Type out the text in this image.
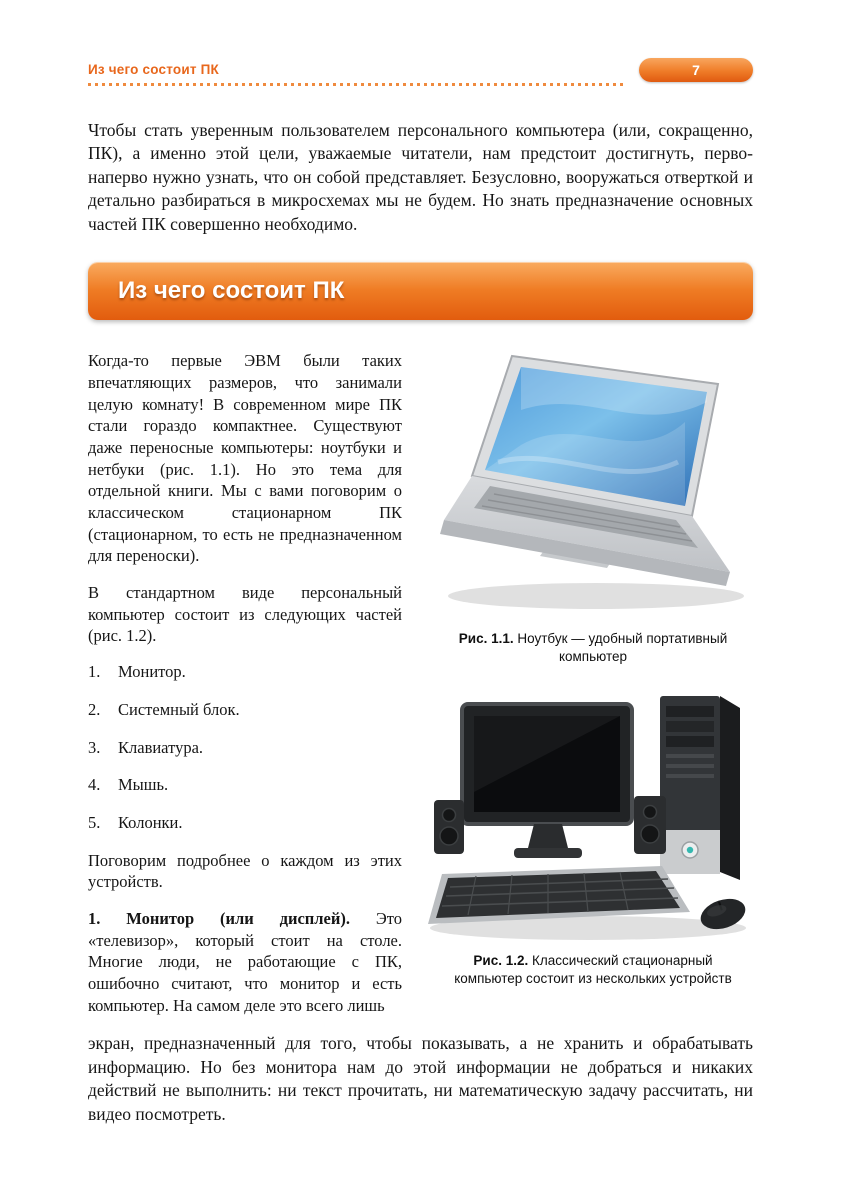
Из чего состоит ПК	7

Чтобы стать уверенным пользователем персонального компьютера (или, сокращенно, ПК), а именно этой цели, уважаемые читатели, нам предстоит достигнуть, перво-наперво нужно узнать, что он собой представляет. Безусловно, вооружаться отверткой и детально разбираться в микросхемах мы не будем. Но знать предназначение основных частей ПК совершенно необходимо.

Из чего состоит ПК

Когда-то первые ЭВМ были таких впечатляющих размеров, что занимали целую комнату! В современном мире ПК стали гораздо компактнее. Существуют даже переносные компьютеры: ноутбуки и нетбуки (рис. 1.1). Но это тема для отдельной книги. Мы с вами поговорим о классическом стационарном ПК (стационарном, то есть не предназначенном для переноски).

В стандартном виде персональный компьютер состоит из следующих частей (рис. 1.2).

1.	Монитор.
2.	Системный блок.
3.	Клавиатура.
4.	Мышь.
5.	Колонки.

Поговорим подробнее о каждом из этих устройств.

1. Монитор (или дисплей). Это «телевизор», который стоит на столе. Многие люди, не работающие с ПК, ошибочно считают, что монитор и есть компьютер. На самом деле это всего лишь

Рис. 1.1. Ноутбук — удобный портативный компьютер
Рис. 1.2. Классический стационарный компьютер состоит из нескольких устройств

экран, предназначенный для того, чтобы показывать, а не хранить и обрабатывать информацию. Но без монитора нам до этой информации не добраться и никаких действий не выполнить: ни текст прочитать, ни математическую задачу рассчитать, ни видео посмотреть.
